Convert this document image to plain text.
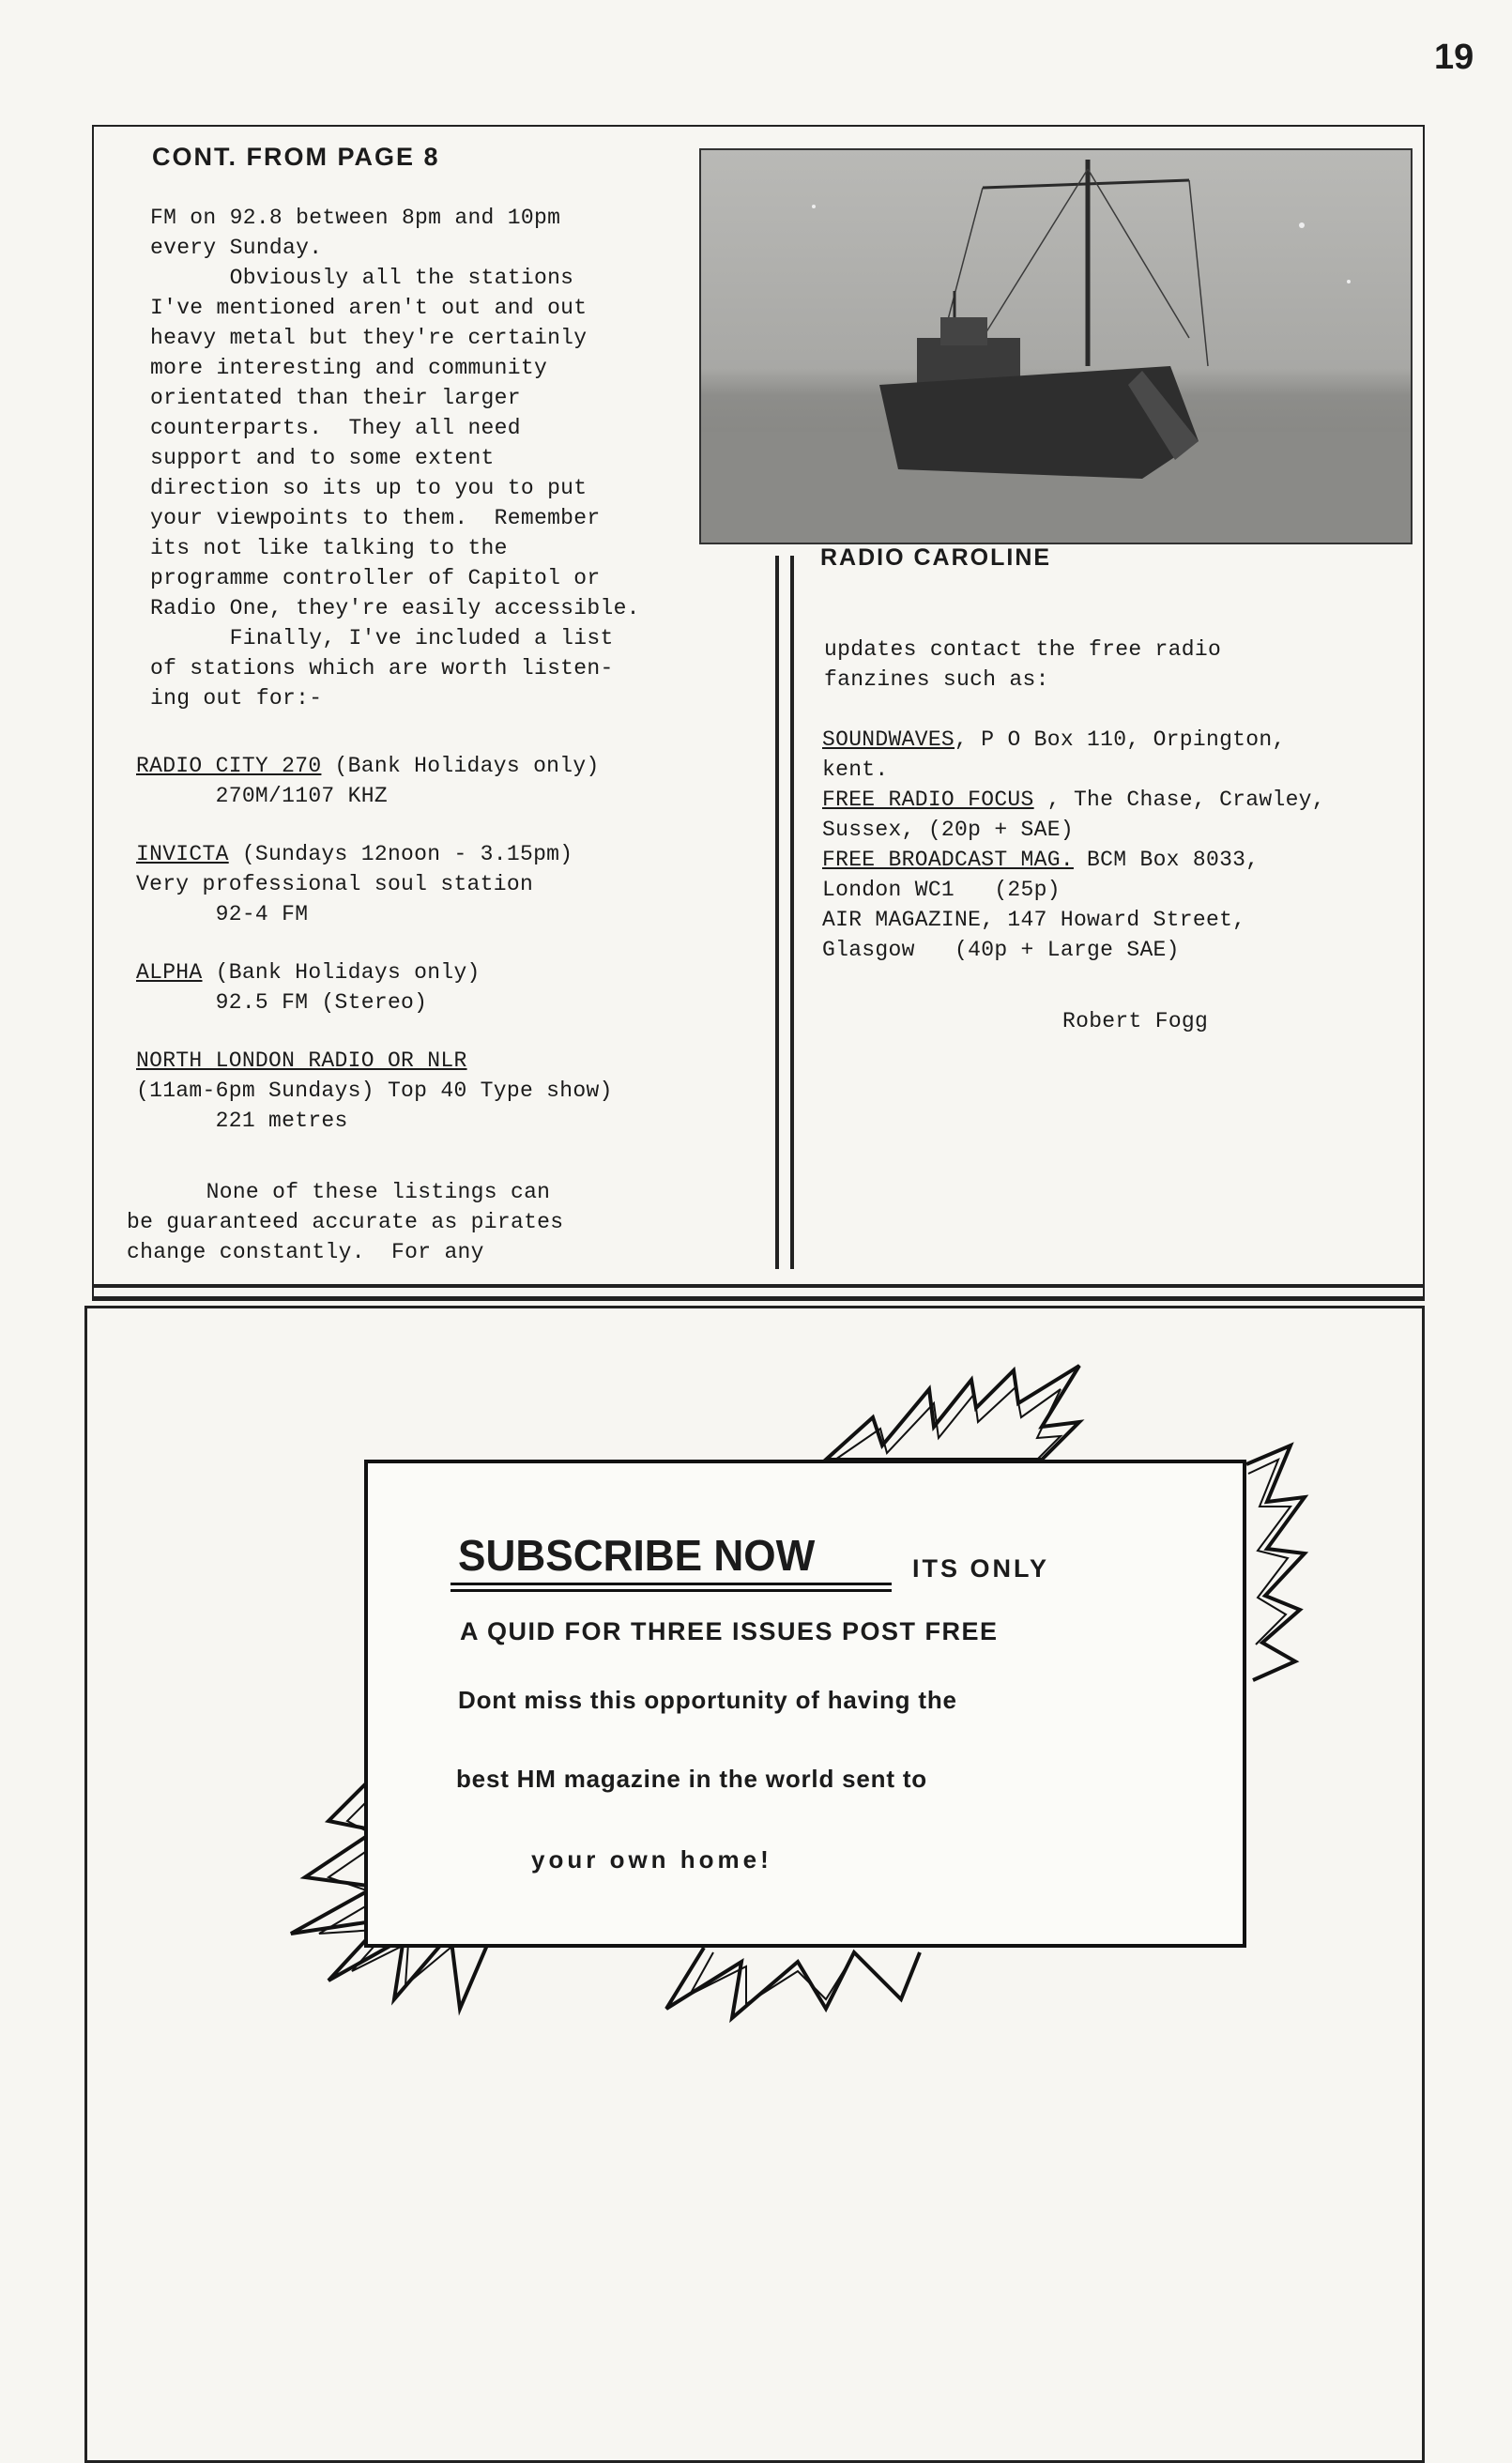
19
CONT. FROM PAGE 8
FM on 92.8 between 8pm and 10pm
every Sunday.
Obviously all the stations
I've mentioned aren't out and out
heavy metal but they're certainly
more interesting and community
orientated than their larger
counterparts.  They all need
support and to some extent
direction so its up to you to put
your viewpoints to them.  Remember
its not like talking to the
programme controller of Capitol or
Radio One, they're easily accessible.
Finally, I've included a list
of stations which are worth listen-
ing out for:-
RADIO CITY 270 (Bank Holidays only)
270M/1107 KHZ
INVICTA (Sundays 12noon - 3.15pm)
Very professional soul station
92-4 FM
ALPHA (Bank Holidays only)
92.5 FM (Stereo)
NORTH LONDON RADIO OR NLR
(11am-6pm Sundays) Top 40 Type show)
221 metres
None of these listings can
be guaranteed accurate as pirates
change constantly.  For any
RADIO CAROLINE
updates contact the free radio
fanzines such as:
SOUNDWAVES, P O Box 110, Orpington,
kent.
FREE RADIO FOCUS , The Chase, Crawley,
Sussex, (20p + SAE)
FREE BROADCAST MAG. BCM Box 8033,
London WC1   (25p)
AIR MAGAZINE, 147 Howard Street,
Glasgow   (40p + Large SAE)
Robert Fogg
SUBSCRIBE NOW	ITS ONLY
A QUID FOR THREE ISSUES POST FREE
Dont miss this opportunity of having the
best HM magazine in the world sent to
your own home!
